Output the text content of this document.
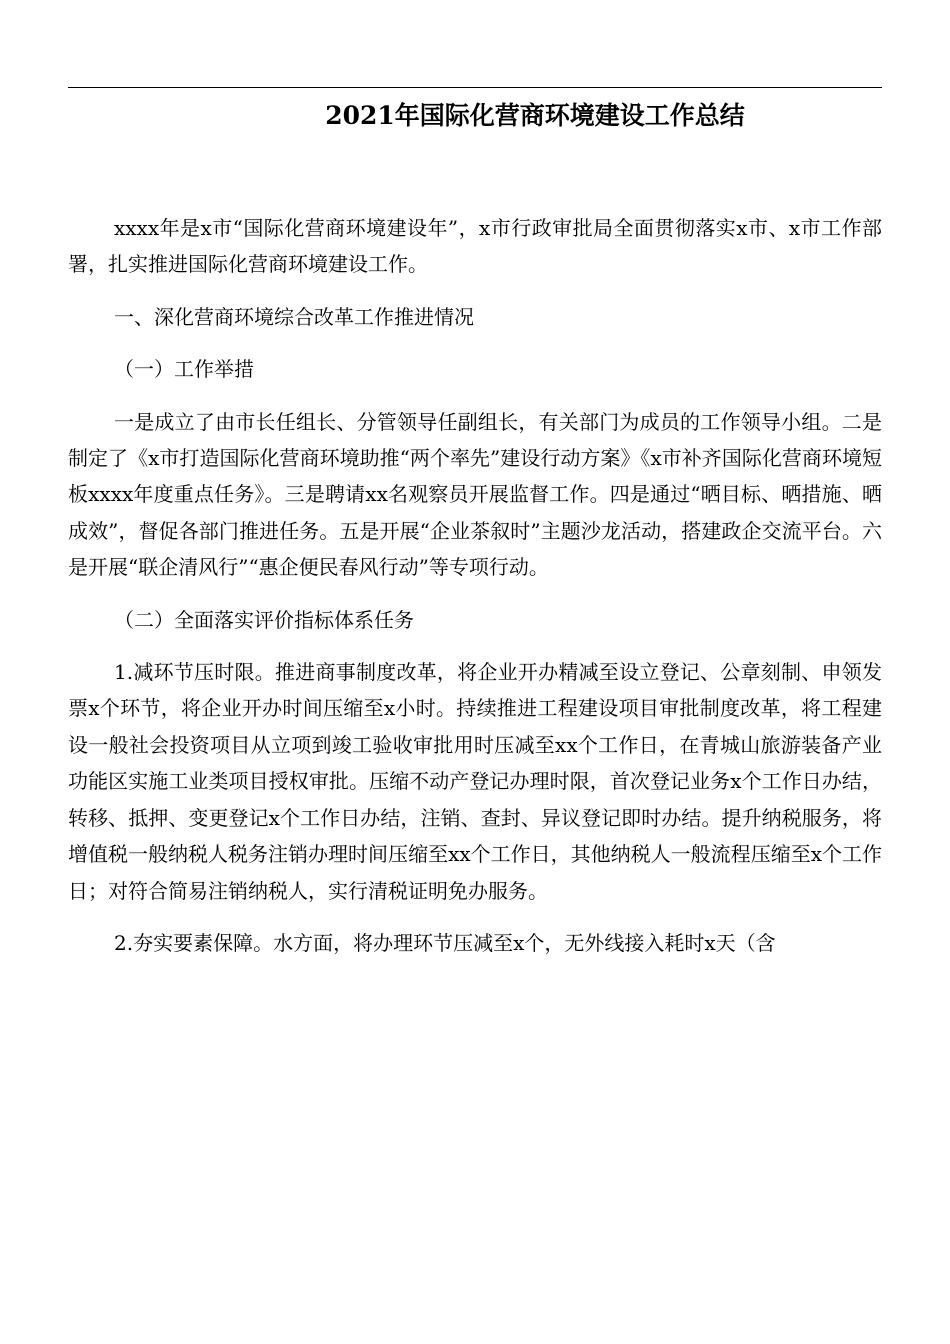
2021年国际化营商环境建设工作总结

xxxx年是x市“国际化营商环境建设年”，x市行政审批局全面贯彻落实x市、x市工作部署，扎实推进国际化营商环境建设工作。

一、深化营商环境综合改革工作推进情况

（一）工作举措

一是成立了由市长任组长、分管领导任副组长，有关部门为成员的工作领导小组。二是制定了《x市打造国际化营商环境助推“两个率先”建设行动方案》《x市补齐国际化营商环境短板xxxx年度重点任务》。三是聘请xx名观察员开展监督工作。四是通过“晒目标、晒措施、晒成效”，督促各部门推进任务。五是开展“企业茶叙时”主题沙龙活动，搭建政企交流平台。六是开展“联企清风行”“惠企便民春风行动”等专项行动。

（二）全面落实评价指标体系任务

1.减环节压时限。推进商事制度改革，将企业开办精减至设立登记、公章刻制、申领发票x个环节，将企业开办时间压缩至x小时。持续推进工程建设项目审批制度改革，将工程建设一般社会投资项目从立项到竣工验收审批用时压减至xx个工作日，在青城山旅游装备产业功能区实施工业类项目授权审批。压缩不动产登记办理时限，首次登记业务x个工作日办结，转移、抵押、变更登记x个工作日办结，注销、查封、异议登记即时办结。提升纳税服务，将增值税一般纳税人税务注销办理时间压缩至xx个工作日，其他纳税人一般流程压缩至x个工作日；对符合简易注销纳税人，实行清税证明免办服务。

2.夯实要素保障。水方面，将办理环节压减至x个，无外线接入耗时x天（含
